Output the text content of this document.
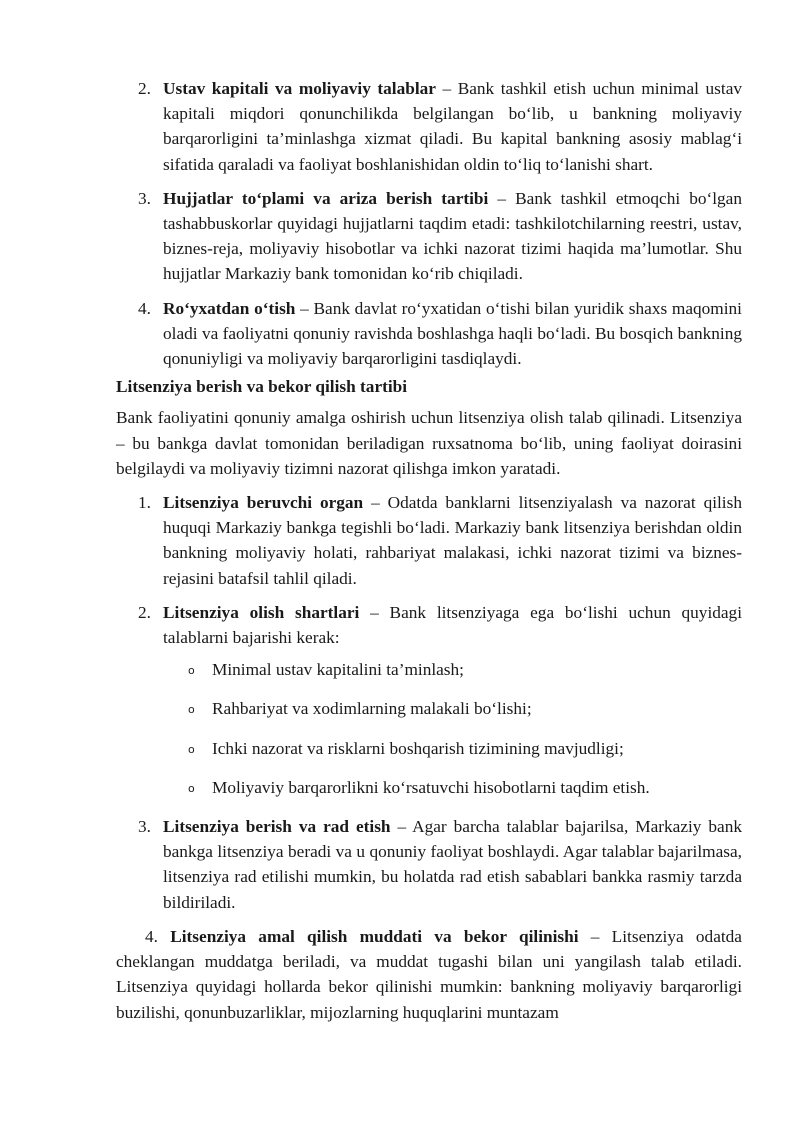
2. Ustav kapitali va moliyaviy talablar – Bank tashkil etish uchun minimal ustav kapitali miqdori qonunchilikda belgilangan bo‘lib, u bankning moliyaviy barqarorligini ta’minlashga xizmat qiladi. Bu kapital bankning asosiy mablag‘i sifatida qaraladi va faoliyat boshlanishidan oldin to‘liq to‘lanishi shart.
3. Hujjatlar to‘plami va ariza berish tartibi – Bank tashkil etmoqchi bo‘lgan tashabbuskorlar quyidagi hujjatlarni taqdim etadi: tashkilotchilarning reestri, ustav, biznes-reja, moliyaviy hisobotlar va ichki nazorat tizimi haqida ma’lumotlar. Shu hujjatlar Markaziy bank tomonidan ko‘rib chiqiladi.
4. Ro‘yxatdan o‘tish – Bank davlat ro‘yxatidan o‘tishi bilan yuridik shaxs maqomini oladi va faoliyatni qonuniy ravishda boshlashga haqli bo‘ladi. Bu bosqich bankning qonuniyligi va moliyaviy barqarorligini tasdiqlaydi.
Litsenziya berish va bekor qilish tartibi
Bank faoliyatini qonuniy amalga oshirish uchun litsenziya olish talab qilinadi. Litsenziya – bu bankga davlat tomonidan beriladigan ruxsatnoma bo‘lib, uning faoliyat doirasini belgilaydi va moliyaviy tizimni nazorat qilishga imkon yaratadi.
1. Litsenziya beruvchi organ – Odatda banklarni litsenziyalash va nazorat qilish huquqi Markaziy bankga tegishli bo‘ladi. Markaziy bank litsenziya berishdan oldin bankning moliyaviy holati, rahbariyat malakasi, ichki nazorat tizimi va biznes-rejasini batafsil tahlil qiladi.
2. Litsenziya olish shartlari – Bank litsenziyaga ega bo‘lishi uchun quyidagi talablarni bajarishi kerak:
o Minimal ustav kapitalini ta’minlash;
o Rahbariyat va xodimlarning malakali bo‘lishi;
o Ichki nazorat va risklarni boshqarish tizimining mavjudligi;
o Moliyaviy barqarorlikni ko‘rsatuvchi hisobotlarni taqdim etish.
3. Litsenziya berish va rad etish – Agar barcha talablar bajarilsa, Markaziy bank bankga litsenziya beradi va u qonuniy faoliyat boshlaydi. Agar talablar bajarilmasa, litsenziya rad etilishi mumkin, bu holatda rad etish sabablari bankka rasmiy tarzda bildiriladi.
4. Litsenziya amal qilish muddati va bekor qilinishi – Litsenziya odatda cheklangan muddatga beriladi, va muddat tugashi bilan uni yangilash talab etiladi. Litsenziya quyidagi hollarda bekor qilinishi mumkin: bankning moliyaviy barqarorligi buzilishi, qonunbuzarliklar, mijozlarning huquqlarini muntazam
